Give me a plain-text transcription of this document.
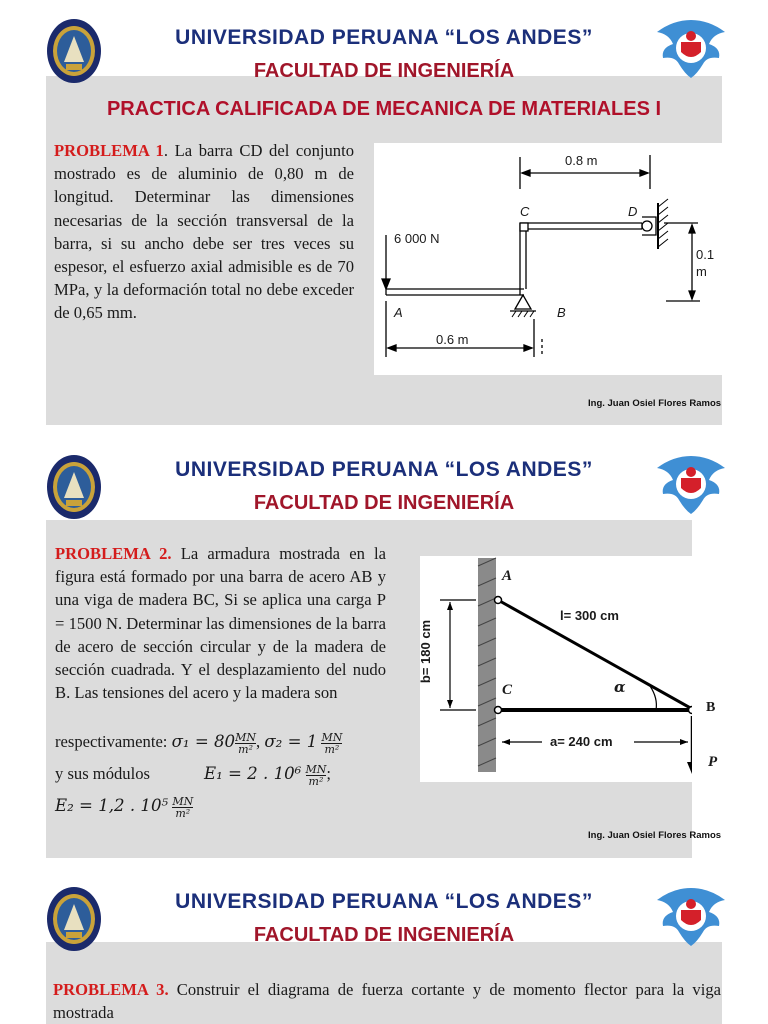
UNIVERSIDAD PERUANA “LOS ANDES”
FACULTAD DE INGENIERÍA
PRACTICA CALIFICADA DE MECANICA DE MATERIALES I
PROBLEMA 1. La barra CD del conjunto mostrado es de aluminio de 0,80 m de longitud. Determinar las dimensiones necesarias de la sección transversal de la barra, si su ancho debe ser tres veces su espesor, el esfuerzo axial admisible es de 70 MPa, y la deformación total no debe exceder de 0,65 mm.
0.8 m
6 000 N
0.1
m
0.6 m
A	B
C	D
Ing. Juan Osiel Flores Ramos
UNIVERSIDAD PERUANA “LOS ANDES”
FACULTAD DE INGENIERÍA
PROBLEMA 2. La armadura mostrada en la figura está formado por una barra de acero AB y una viga de madera BC, Si se aplica una carga P = 1500 N. Determinar las dimensiones de la barra de acero de sección circular y de la madera de sección cuadrada. Y el desplazamiento del nudo B. Las tensiones del acero y la madera son
respectivamente: $\sigma_1 = 80 \frac{MN}{\text{m²}}$ , $\sigma_2 = 1 \frac{MN}{\text{m²}}$
y sus módulos	E₁ = 2 . $10^6 \frac{MN}{\text{m²}}$ ;
E₂ = 1,2 . $10^5 \frac{MN}{\text{m²}}$
A
C
B
P
l= 300 cm
a= 240 cm
α
b= 180 cm
Ing. Juan Osiel Flores Ramos
UNIVERSIDAD PERUANA “LOS ANDES”
FACULTAD DE INGENIERÍA
PROBLEMA 3. Construir el diagrama de fuerza cortante y de momento flector para la viga mostrada
